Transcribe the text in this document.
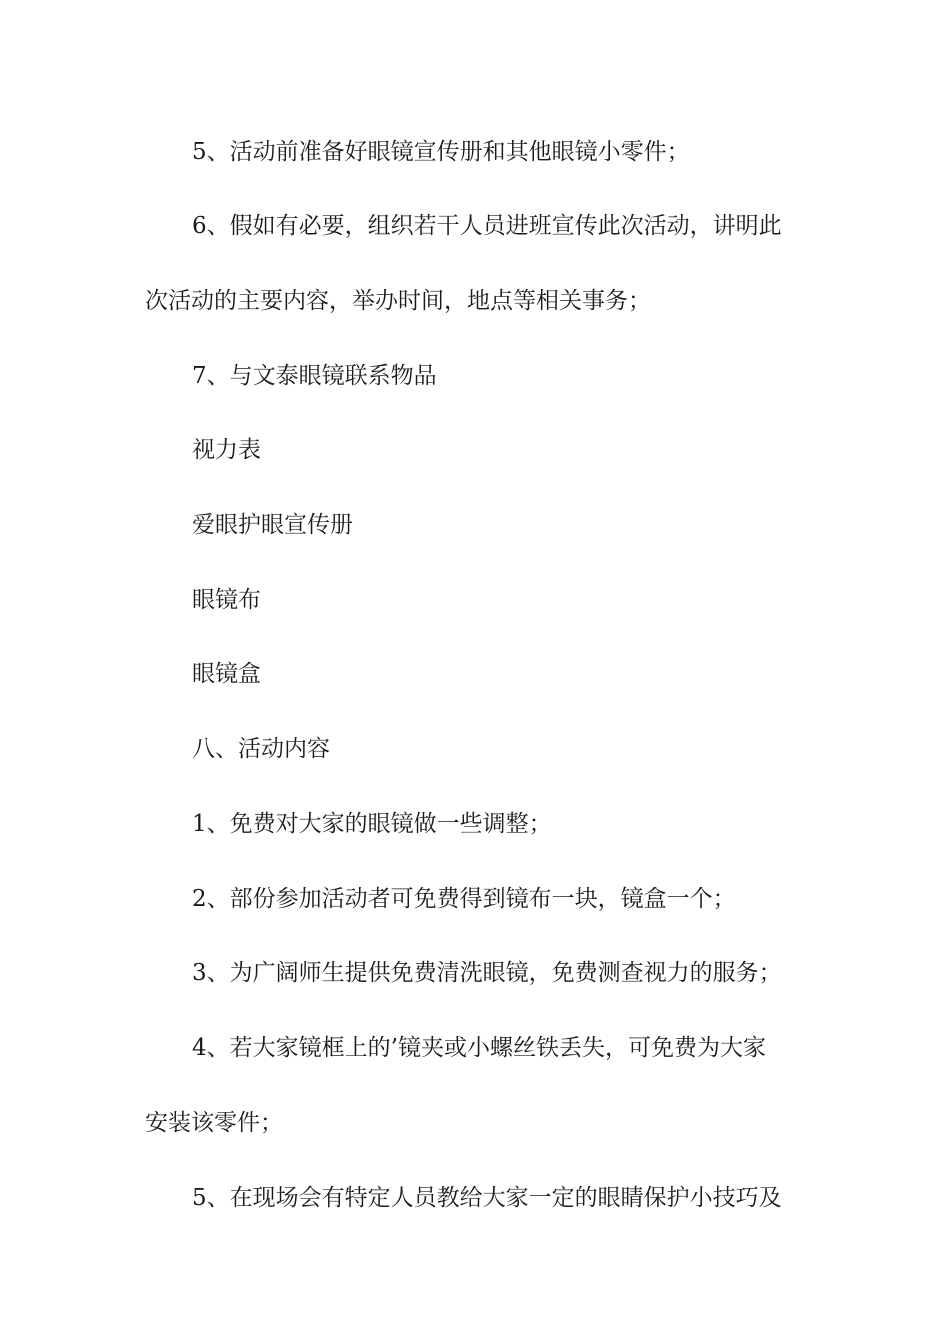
5、活动前准备好眼镜宣传册和其他眼镜小零件；
6、假如有必要，组织若干人员进班宣传此次活动，讲明此
次活动的主要内容，举办时间，地点等相关事务；
7、与文泰眼镜联系物品
视力表
爱眼护眼宣传册
眼镜布
眼镜盒
八、活动内容
1、免费对大家的眼镜做一些调整；
2、部份参加活动者可免费得到镜布一块，镜盒一个；
3、为广阔师生提供免费清洗眼镜，免费测查视力的服务；
4、若大家镜框上的’镜夹或小螺丝铁丢失，可免费为大家
安装该零件；
5、在现场会有特定人员教给大家一定的眼睛保护小技巧及
